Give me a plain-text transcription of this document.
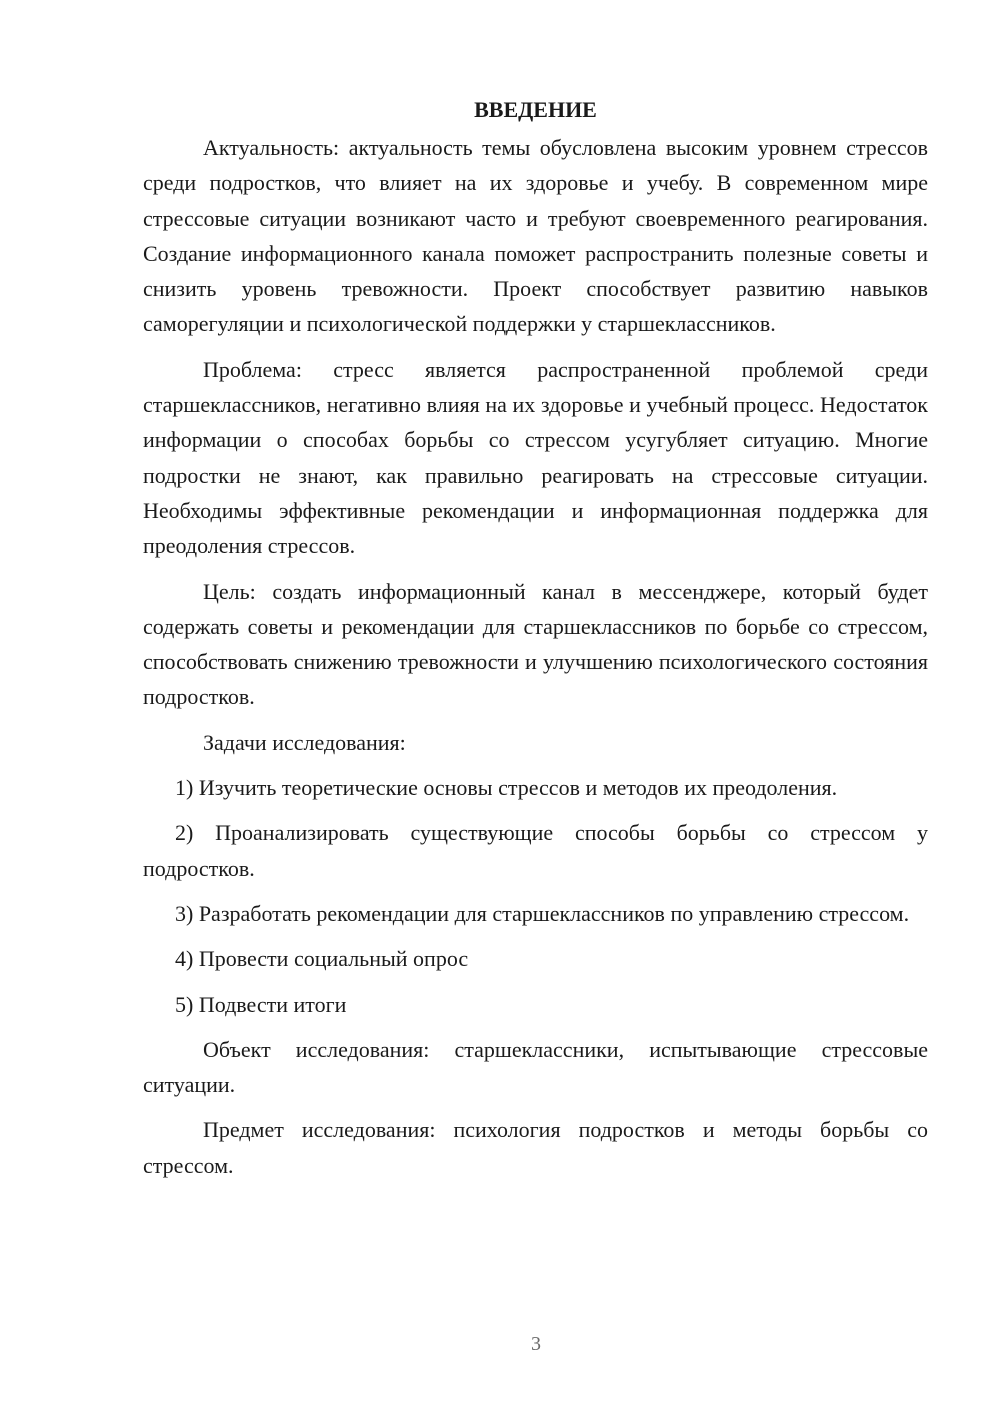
ВВЕДЕНИЕ

Актуальность: актуальность темы обусловлена высоким уровнем стрессов среди подростков, что влияет на их здоровье и учебу. В современном мире стрессовые ситуации возникают часто и требуют своевременного реагирования. Создание информационного канала поможет распространить полезные советы и снизить уровень тревожности. Проект способствует развитию навыков саморегуляции и психологической поддержки у старшеклассников.

Проблема: стресс является распространенной проблемой среди старшеклассников, негативно влияя на их здоровье и учебный процесс. Недостаток информации о способах борьбы со стрессом усугубляет ситуацию. Многие подростки не знают, как правильно реагировать на стрессовые ситуации. Необходимы эффективные рекомендации и информационная поддержка для преодоления стрессов.

Цель: создать информационный канал в мессенджере, который будет содержать советы и рекомендации для старшеклассников по борьбе со стрессом, способствовать снижению тревожности и улучшению психологического состояния подростков.

Задачи исследования:

1) Изучить теоретические основы стрессов и методов их преодоления.

2) Проанализировать существующие способы борьбы со стрессом у подростков.

3) Разработать рекомендации для старшеклассников по управлению стрессом.

4) Провести социальный опрос

5) Подвести итоги

Объект исследования: старшеклассники, испытывающие стрессовые ситуации.

Предмет исследования: психология подростков и методы борьбы со стрессом.

3
